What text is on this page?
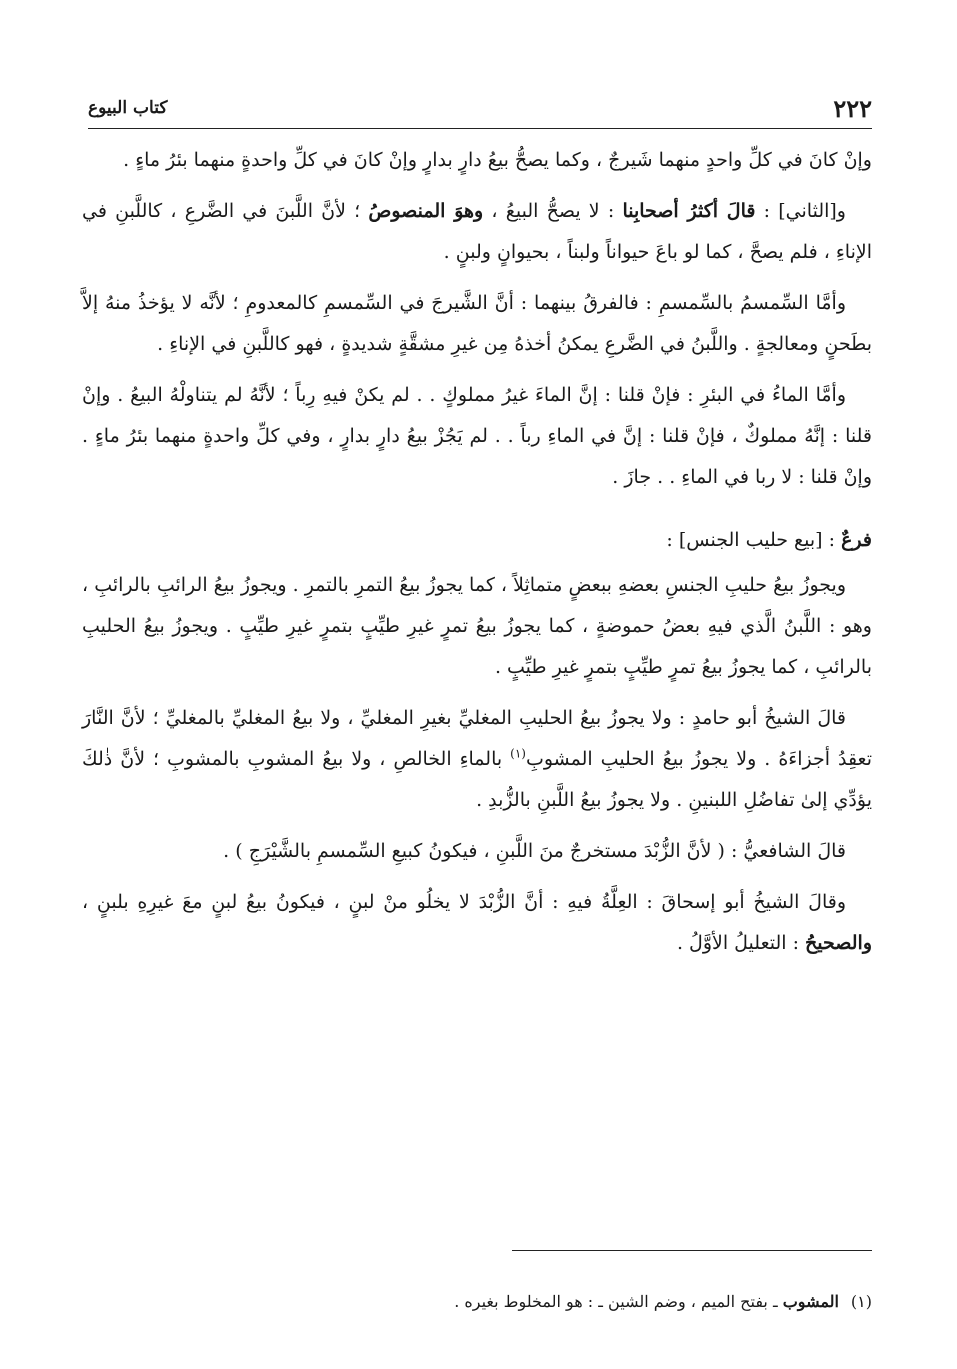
٢٢٢
كتاب البيوع

وإنْ كانَ في كلِّ واحدٍ منهما شَيرجٌ ، وكما يصحُّ بيعُ دارٍ بدارٍ وإنْ كانَ في كلِّ واحدةٍ منهما بئرُ ماءٍ .

و[الثاني] : قالَ أكثرُ أصحابِنا : لا يصحُّ البيعُ ، وهوَ المنصوصُ ؛ لأنَّ اللَّبنَ في الضَّرعِ ، كاللَّبنِ في الإناءِ ، فلم يصحَّ ، كما لو باعَ حيواناً ولبناً ، بحيوانٍ ولبنٍ .

وأمَّا السِّمسمُ بالسِّمسمِ : فالفرقُ بينهما : أنَّ الشَّيرجَ في السِّمسمِ كالمعدومِ ؛ لأنَّه لا يؤخذُ منهُ إلاَّ بطَحنٍ ومعالجةٍ . واللَّبنُ في الضَّرعِ يمكنُ أخذهُ مِن غيرِ مشقَّةٍ شديدةٍ ، فهو كاللَّبنِ في الإناءِ .

وأمَّا الماءُ في البئرِ : فإنْ قلنا : إنَّ الماءَ غيرُ مملوكٍ . . لم يكنْ فيهِ رِباً ؛ لأنَّهُ لم يتناولْهُ البيعُ . وإنْ قلنا : إنَّهُ مملوكٌ ، فإنْ قلنا : إنَّ في الماءِ رباً . . لم يَجُزْ بيعُ دارٍ بدارٍ ، وفي كلِّ واحدةٍ منهما بئرُ ماءٍ . وإنْ قلنا : لا ربا في الماءِ . . جازَ .

فرعٌ : [بيع حليب الجنس] :

ويجوزُ بيعُ حليبِ الجنسِ بعضهِ ببعضٍ متماثِلاً ، كما يجوزُ بيعُ التمرِ بالتمرِ . ويجوزُ بيعُ الرائبِ بالرائبِ ، وهو : اللَّبنُ الَّذي فيهِ بعضُ حموضةٍ ، كما يجوزُ بيعُ تمرٍ غيرِ طيِّبٍ بتمرٍ غيرِ طيِّبٍ . ويجوزُ بيعُ الحليبِ بالرائبِ ، كما يجوزُ بيعُ تمرٍ طيِّبٍ بتمرٍ غيرِ طيِّبٍ .

قالَ الشيخُ أبو حامدٍ : ولا يجوزُ بيعُ الحليبِ المغليِّ بغيرِ المغليِّ ، ولا بيعُ المغليِّ بالمغليِّ ؛ لأنَّ النَّارَ تعقِدُ أجزاءَهُ . ولا يجوزُ بيعُ الحليبِ المشوبِ$^{(١)}$ بالماءِ الخالصِ ، ولا بيعُ المشوبِ بالمشوبِ ؛ لأنَّ ذٰلكَ يؤدِّي إلىٰ تفاضُلِ اللبنينِ . ولا يجوزُ بيعُ اللَّبنِ بالزُّبدِ .

قالَ الشافعيُّ : ( لأنَّ الزُّبْدَ مستخرجٌ منَ اللَّبنِ ، فيكونُ كبيعِ السِّمسمِ بالشَّيْرَجِ ) .

وقالَ الشيخُ أبو إسحاقَ : العِلَّةُ فيهِ : أنَّ الزُّبْدَ لا يخلُو منْ لبنٍ ، فيكونُ بيعُ لبنٍ معَ غيرِهِ بلبنٍ ، والصحيحُ : التعليلُ الأوَّلُ .

(١)المشوب ـ بفتح الميم ، وضم الشين ـ : هو المخلوط بغيره .
